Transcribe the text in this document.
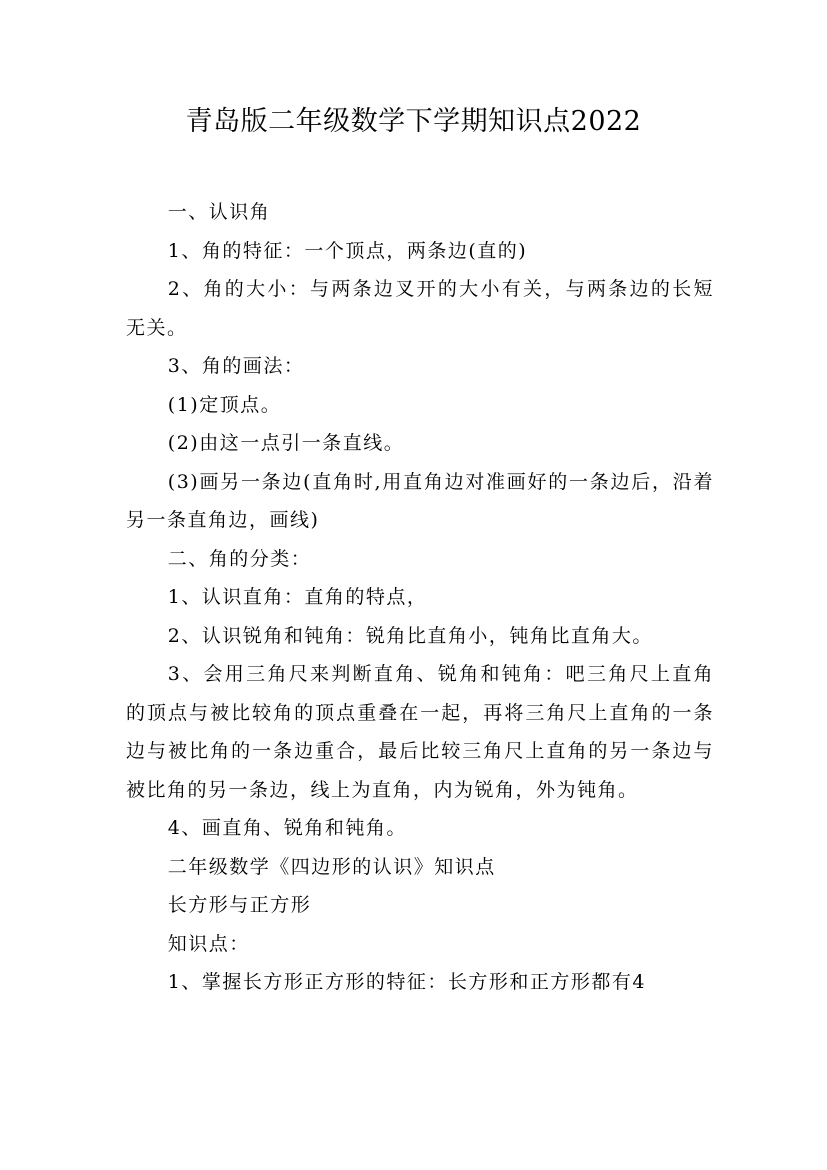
青岛版二年级数学下学期知识点2022

一、认识角

1、角的特征：一个顶点，两条边(直的)

2、角的大小：与两条边叉开的大小有关，与两条边的长短无关。

3、角的画法：

(1)定顶点。

(2)由这一点引一条直线。

(3)画另一条边(直角时,用直角边对准画好的一条边后，沿着另一条直角边，画线)

二、角的分类：

1、认识直角：直角的特点，

2、认识锐角和钝角：锐角比直角小，钝角比直角大。

3、会用三角尺来判断直角、锐角和钝角：吧三角尺上直角的顶点与被比较角的顶点重叠在一起，再将三角尺上直角的一条边与被比角的一条边重合，最后比较三角尺上直角的另一条边与被比角的另一条边，线上为直角，内为锐角，外为钝角。

4、画直角、锐角和钝角。

二年级数学《四边形的认识》知识点

长方形与正方形

知识点：

1、掌握长方形正方形的特征：长方形和正方形都有4
